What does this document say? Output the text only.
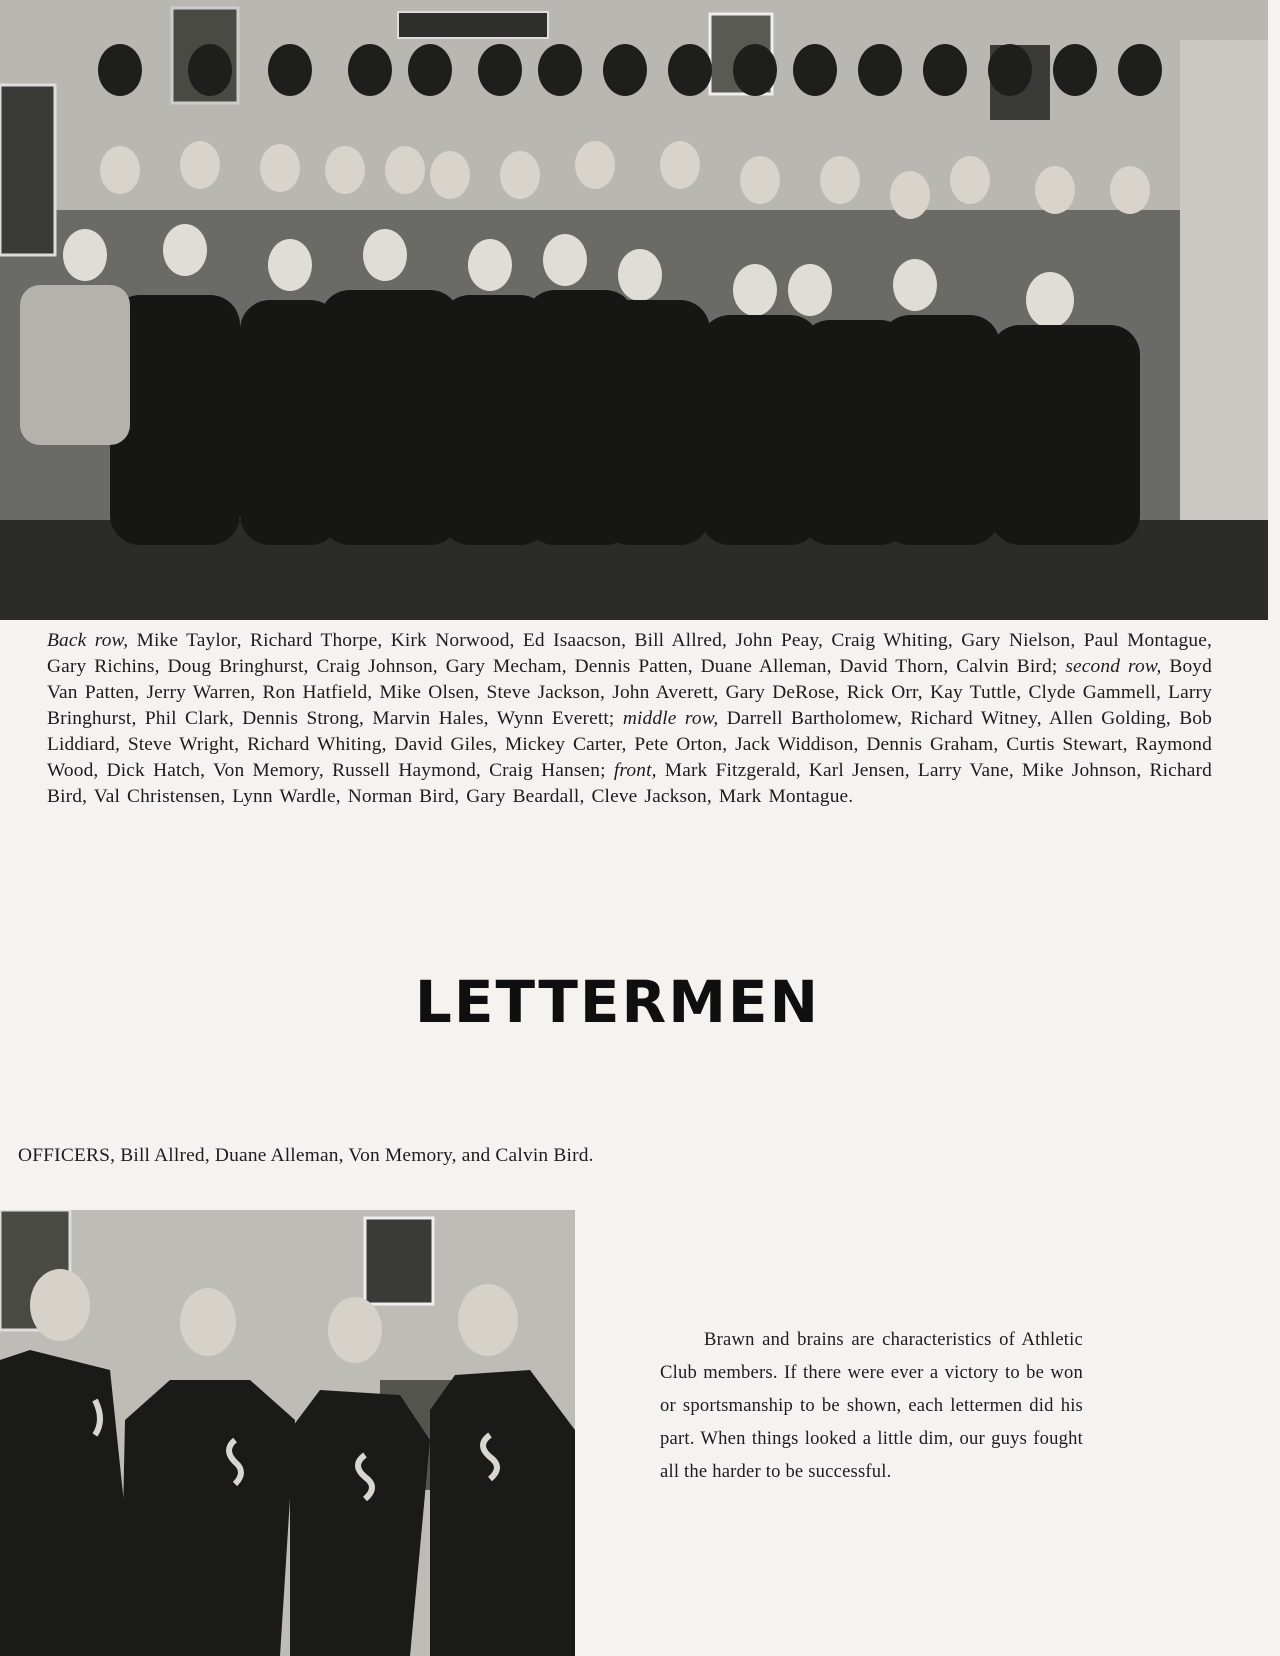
Back row, Mike Taylor, Richard Thorpe, Kirk Norwood, Ed Isaacson, Bill Allred, John Peay, Craig Whiting, Gary Nielson, Paul Montague, Gary Richins, Doug Bringhurst, Craig Johnson, Gary Mecham, Dennis Patten, Duane Alleman, David Thorn, Calvin Bird; second row, Boyd Van Patten, Jerry Warren, Ron Hatfield, Mike Olsen, Steve Jackson, John Averett, Gary DeRose, Rick Orr, Kay Tuttle, Clyde Gammell, Larry Bringhurst, Phil Clark, Dennis Strong, Marvin Hales, Wynn Everett; middle row, Darrell Bartholomew, Richard Witney, Allen Golding, Bob Liddiard, Steve Wright, Richard Whiting, David Giles, Mickey Carter, Pete Orton, Jack Widdison, Dennis Graham, Curtis Stewart, Raymond Wood, Dick Hatch, Von Memory, Russell Haymond, Craig Hansen; front, Mark Fitzgerald, Karl Jensen, Larry Vane, Mike Johnson, Richard Bird, Val Christensen, Lynn Wardle, Norman Bird, Gary Beardall, Cleve Jackson, Mark Montague.
LETTERMEN
OFFICERS, Bill Allred, Duane Alleman, Von Memory, and Calvin Bird.
Brawn and brains are characteristics of Athletic Club members. If there were ever a victory to be won or sportsmanship to be shown, each lettermen did his part. When things looked a little dim, our guys fought all the harder to be successful.
